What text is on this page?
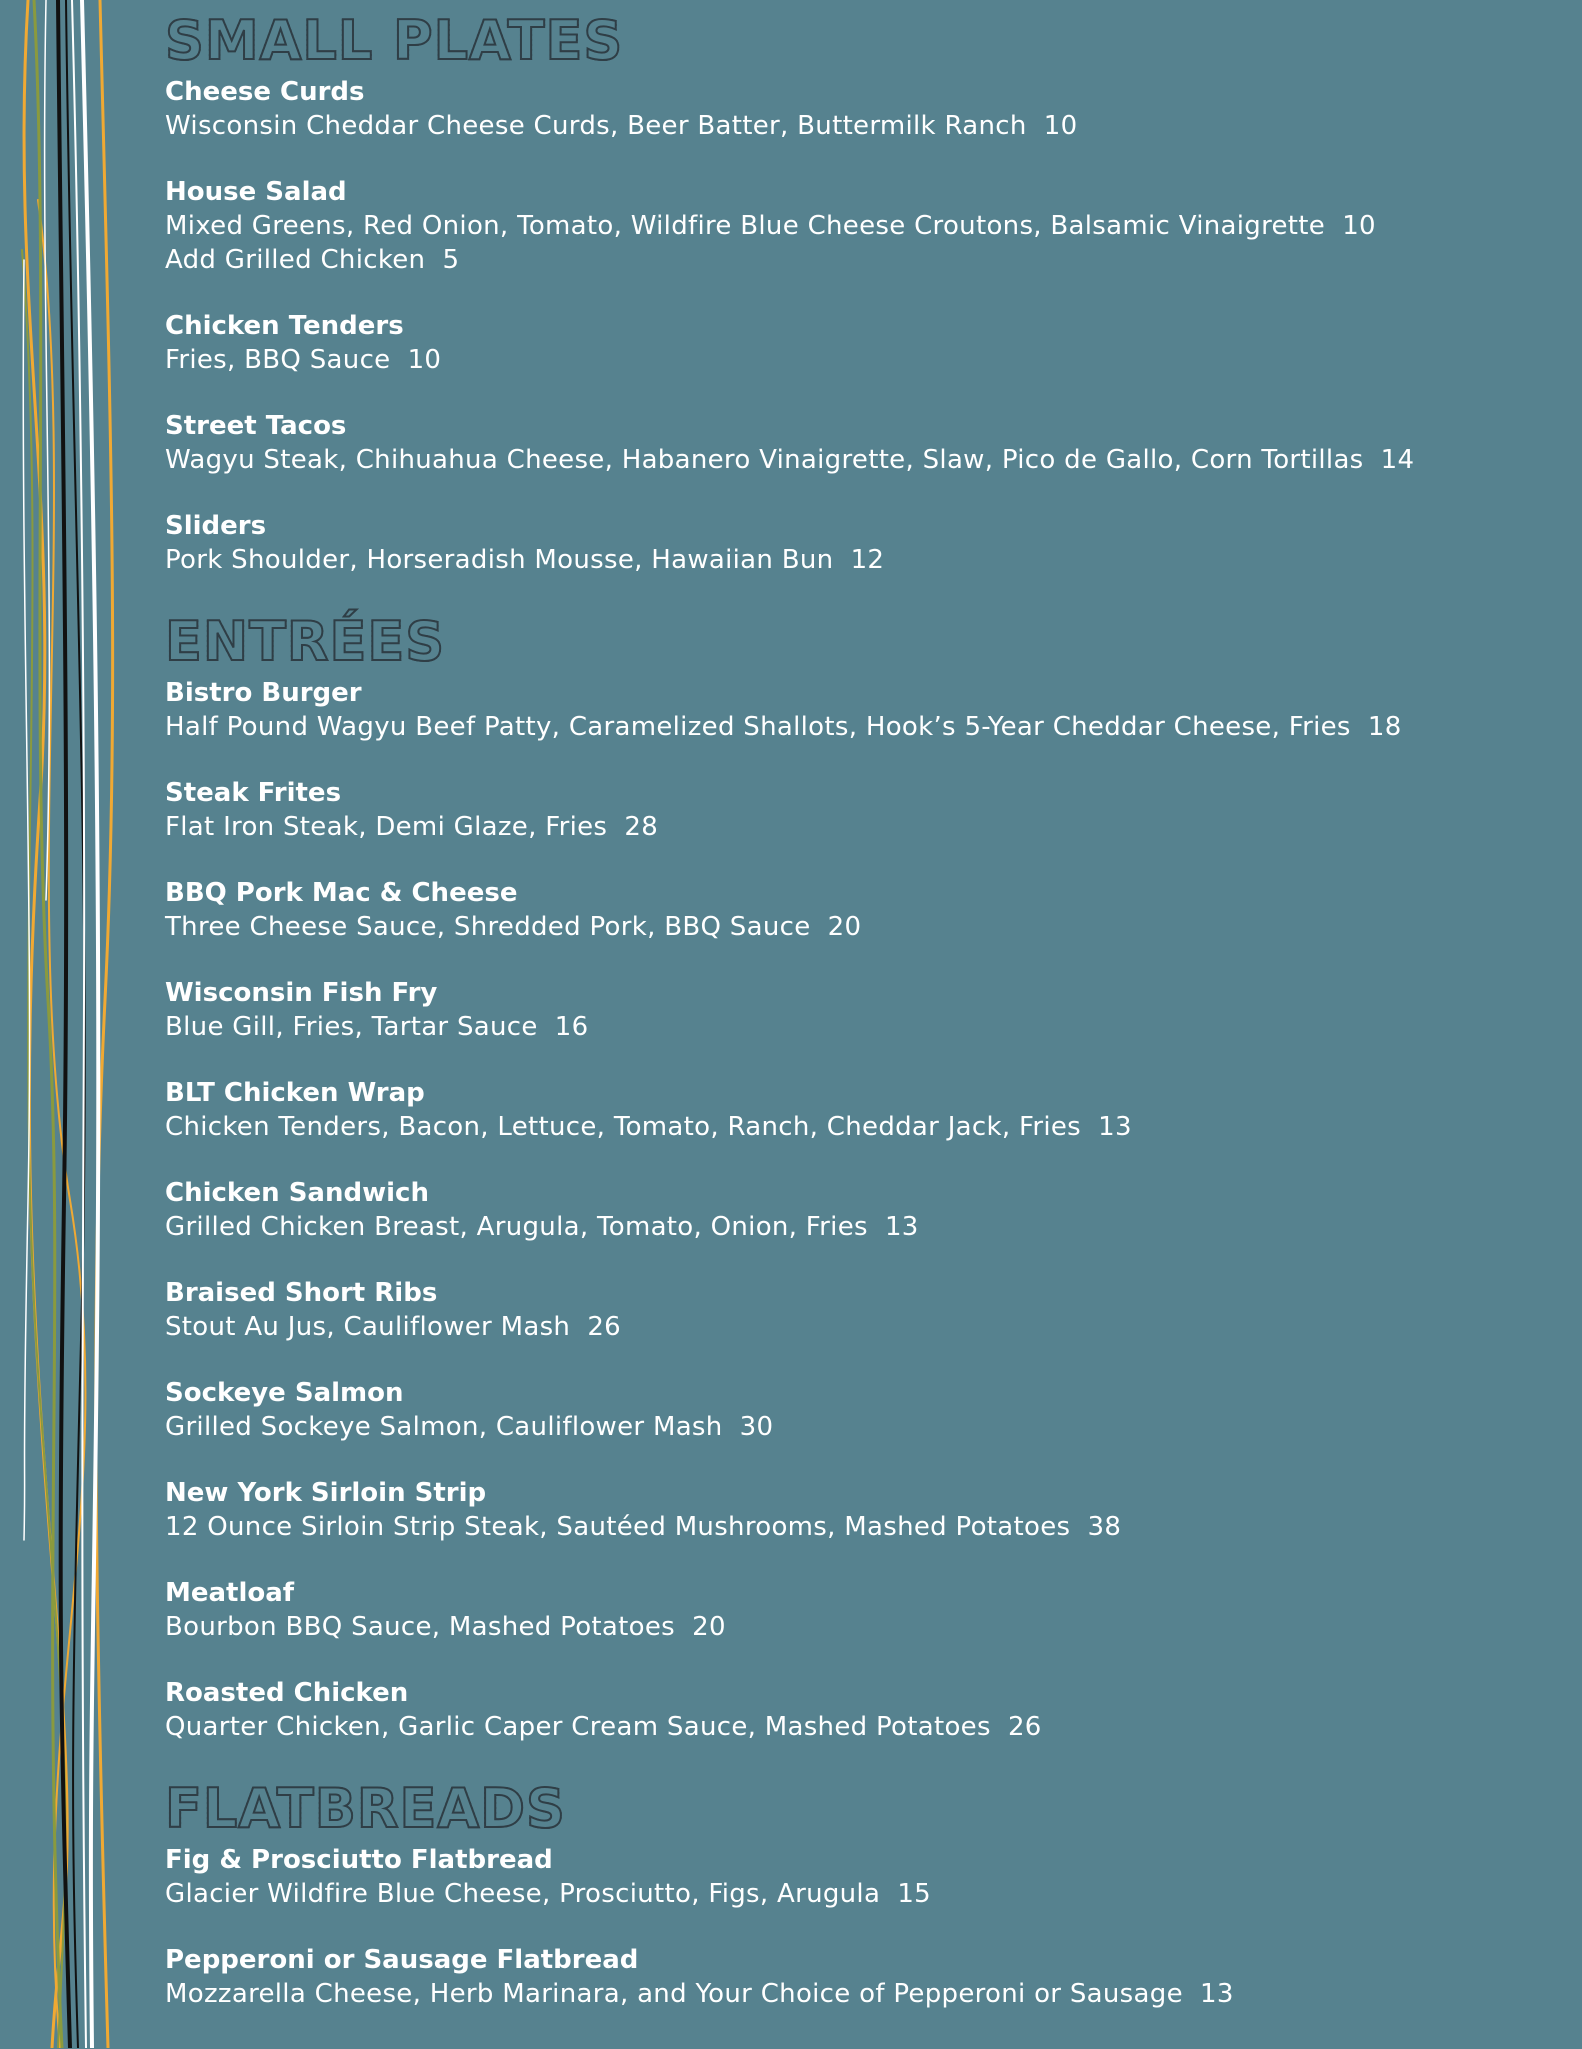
SMALL PLATES
Cheese Curds
Wisconsin Cheddar Cheese Curds, Beer Batter, Buttermilk Ranch  10
House Salad
Mixed Greens, Red Onion, Tomato, Wildfire Blue Cheese Croutons, Balsamic Vinaigrette  10
Add Grilled Chicken  5
Chicken Tenders
Fries, BBQ Sauce  10
Street Tacos
Wagyu Steak, Chihuahua Cheese, Habanero Vinaigrette, Slaw, Pico de Gallo, Corn Tortillas  14
Sliders
Pork Shoulder, Horseradish Mousse, Hawaiian Bun  12
ENTRÉES
Bistro Burger
Half Pound Wagyu Beef Patty, Caramelized Shallots, Hook’s 5-Year Cheddar Cheese, Fries  18
Steak Frites
Flat Iron Steak, Demi Glaze, Fries  28
BBQ Pork Mac & Cheese
Three Cheese Sauce, Shredded Pork, BBQ Sauce  20
Wisconsin Fish Fry
Blue Gill, Fries, Tartar Sauce  16
BLT Chicken Wrap
Chicken Tenders, Bacon, Lettuce, Tomato, Ranch, Cheddar Jack, Fries  13
Chicken Sandwich
Grilled Chicken Breast, Arugula, Tomato, Onion, Fries  13
Braised Short Ribs
Stout Au Jus, Cauliflower Mash  26
Sockeye Salmon
Grilled Sockeye Salmon, Cauliflower Mash  30
New York Sirloin Strip
12 Ounce Sirloin Strip Steak, Sautéed Mushrooms, Mashed Potatoes  38
Meatloaf
Bourbon BBQ Sauce, Mashed Potatoes  20
Roasted Chicken
Quarter Chicken, Garlic Caper Cream Sauce, Mashed Potatoes  26
FLATBREADS
Fig & Prosciutto Flatbread
Glacier Wildfire Blue Cheese, Prosciutto, Figs, Arugula  15
Pepperoni or Sausage Flatbread
Mozzarella Cheese, Herb Marinara, and Your Choice of Pepperoni or Sausage  13
